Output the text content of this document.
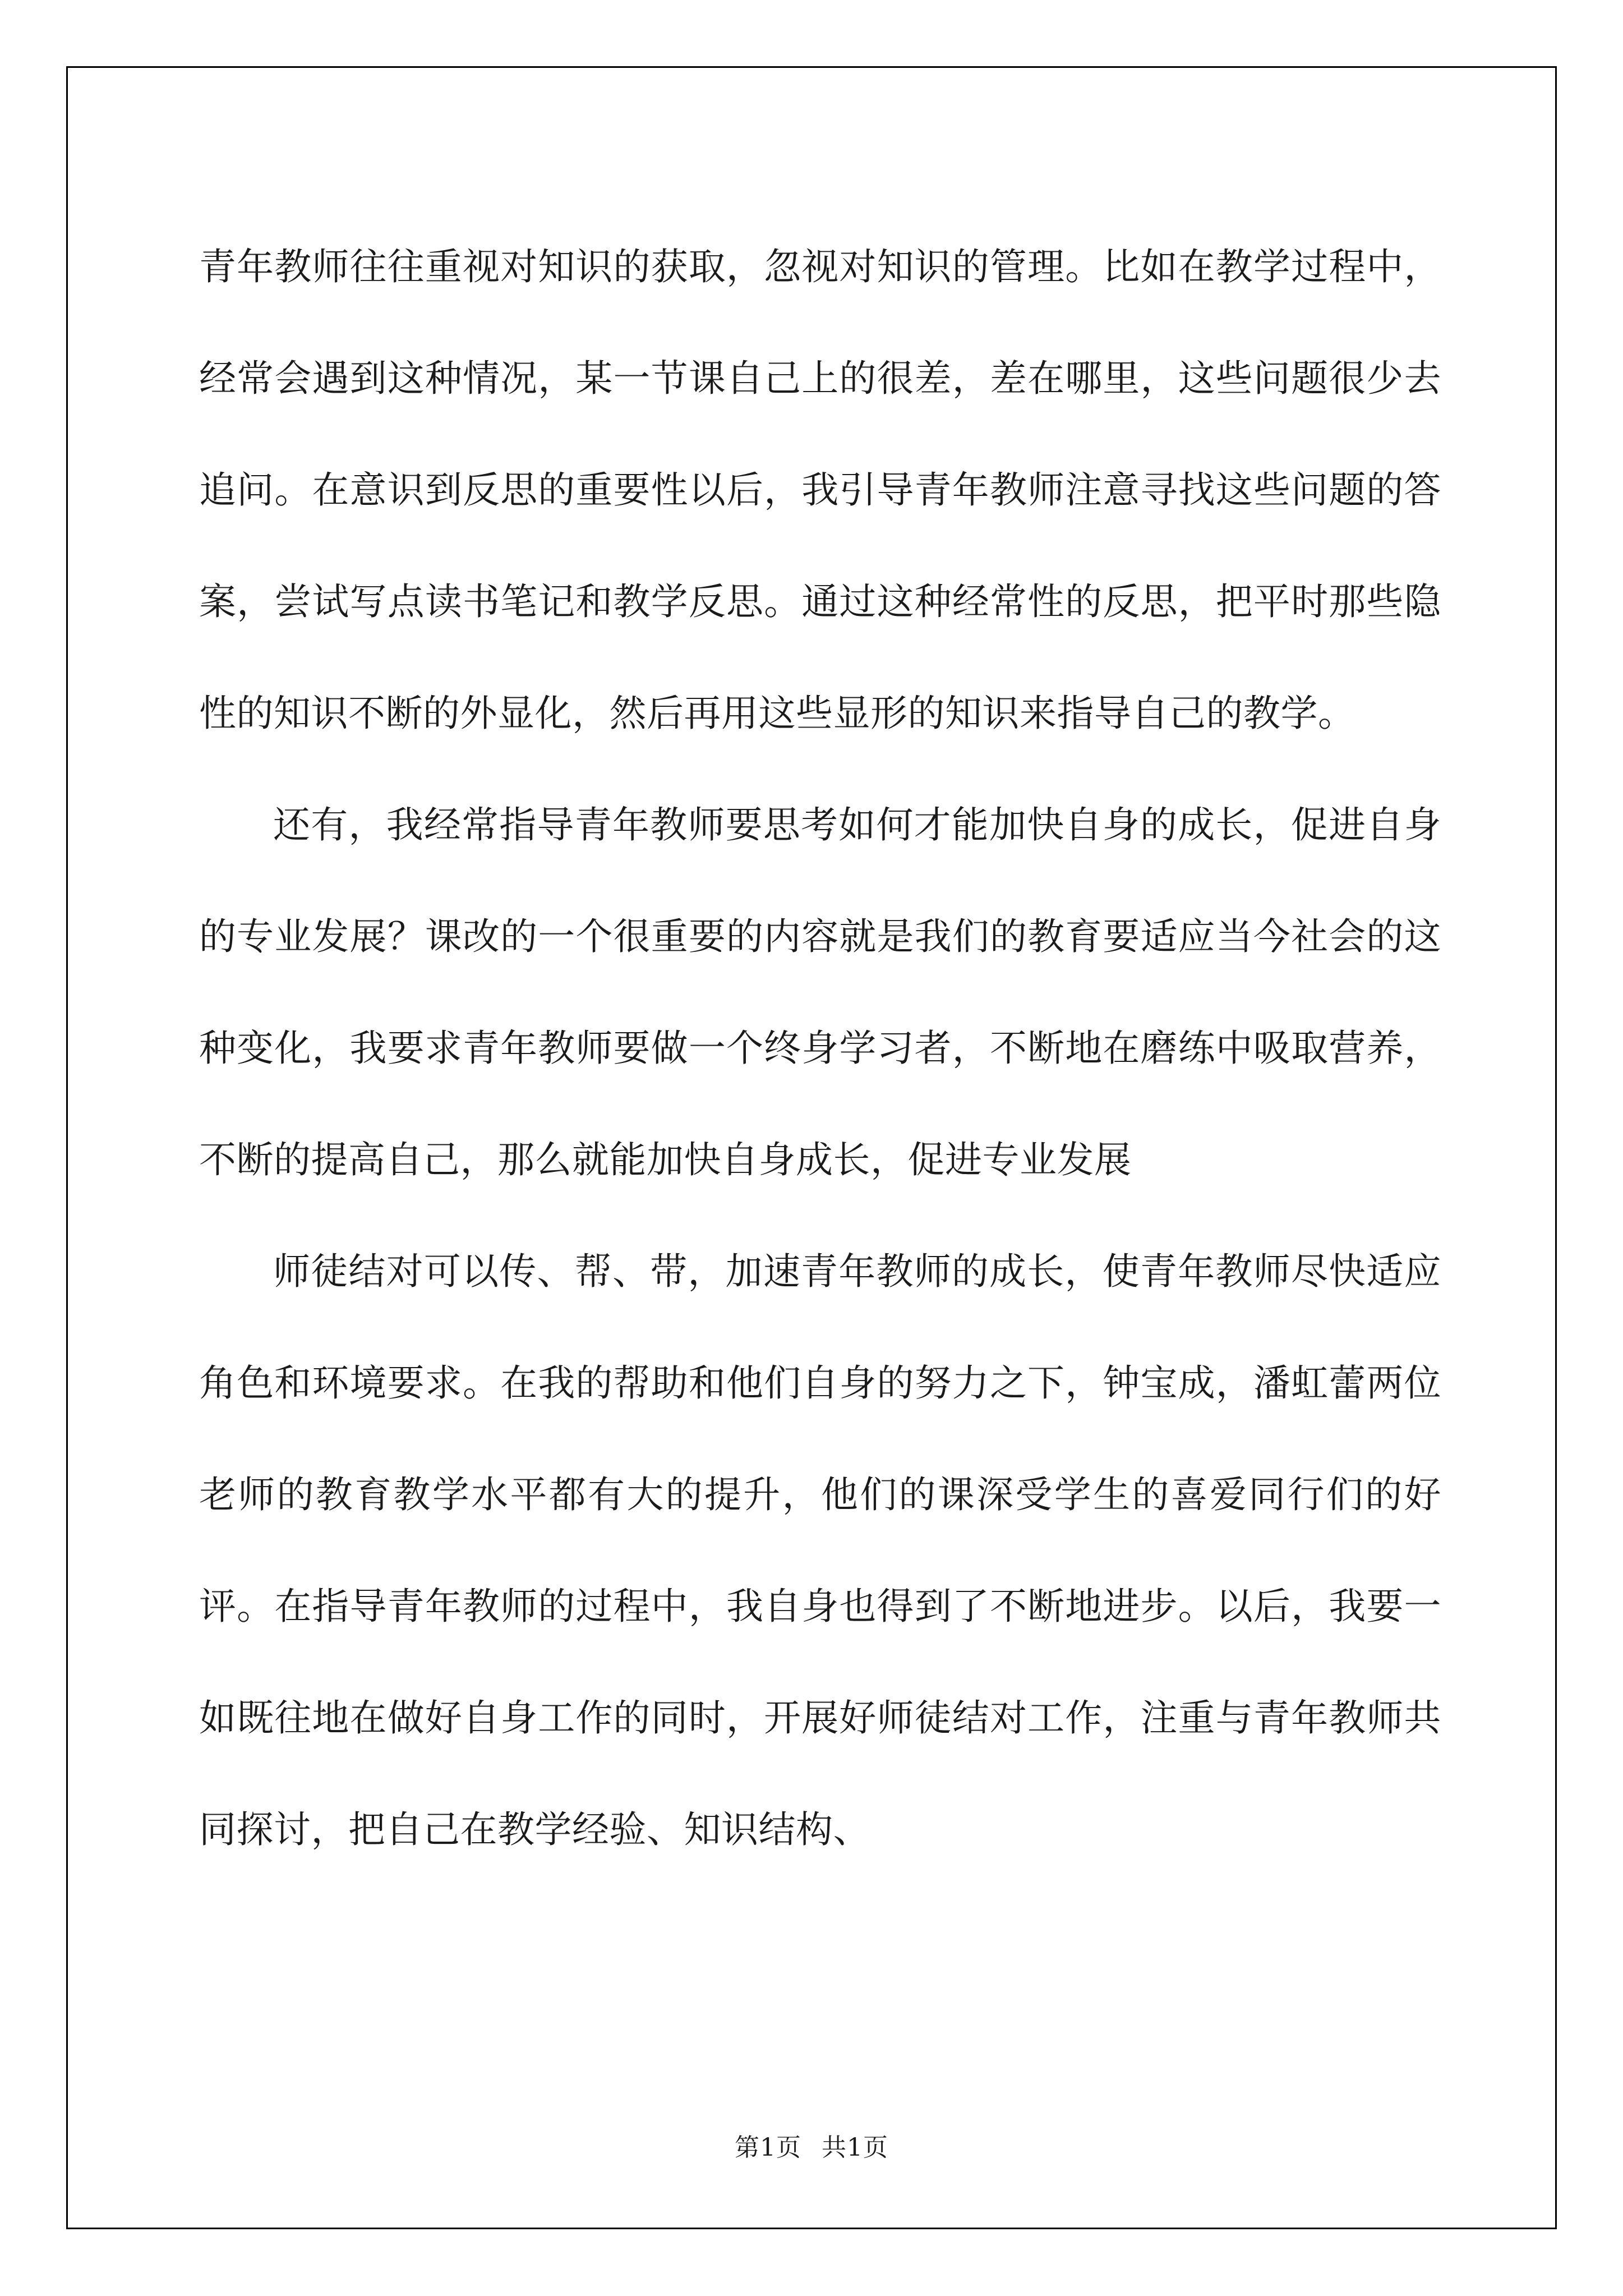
青年教师往往重视对知识的获取，忽视对知识的管理。比如在教学过程中，经常会遇到这种情况，某一节课自己上的很差，差在哪里，这些问题很少去追问。在意识到反思的重要性以后，我引导青年教师注意寻找这些问题的答案，尝试写点读书笔记和教学反思。通过这种经常性的反思，把平时那些隐性的知识不断的外显化，然后再用这些显形的知识来指导自己的教学。

还有，我经常指导青年教师要思考如何才能加快自身的成长，促进自身的专业发展？课改的一个很重要的内容就是我们的教育要适应当今社会的这种变化，我要求青年教师要做一个终身学习者，不断地在磨练中吸取营养，不断的提高自己，那么就能加快自身成长，促进专业发展

师徒结对可以传、帮、带，加速青年教师的成长，使青年教师尽快适应角色和环境要求。在我的帮助和他们自身的努力之下，钟宝成，潘虹蕾两位老师的教育教学水平都有大的提升，他们的课深受学生的喜爱同行们的好评。在指导青年教师的过程中，我自身也得到了不断地进步。以后，我要一如既往地在做好自身工作的同时，开展好师徒结对工作，注重与青年教师共同探讨，把自己在教学经验、知识结构、

第1页 共1页
